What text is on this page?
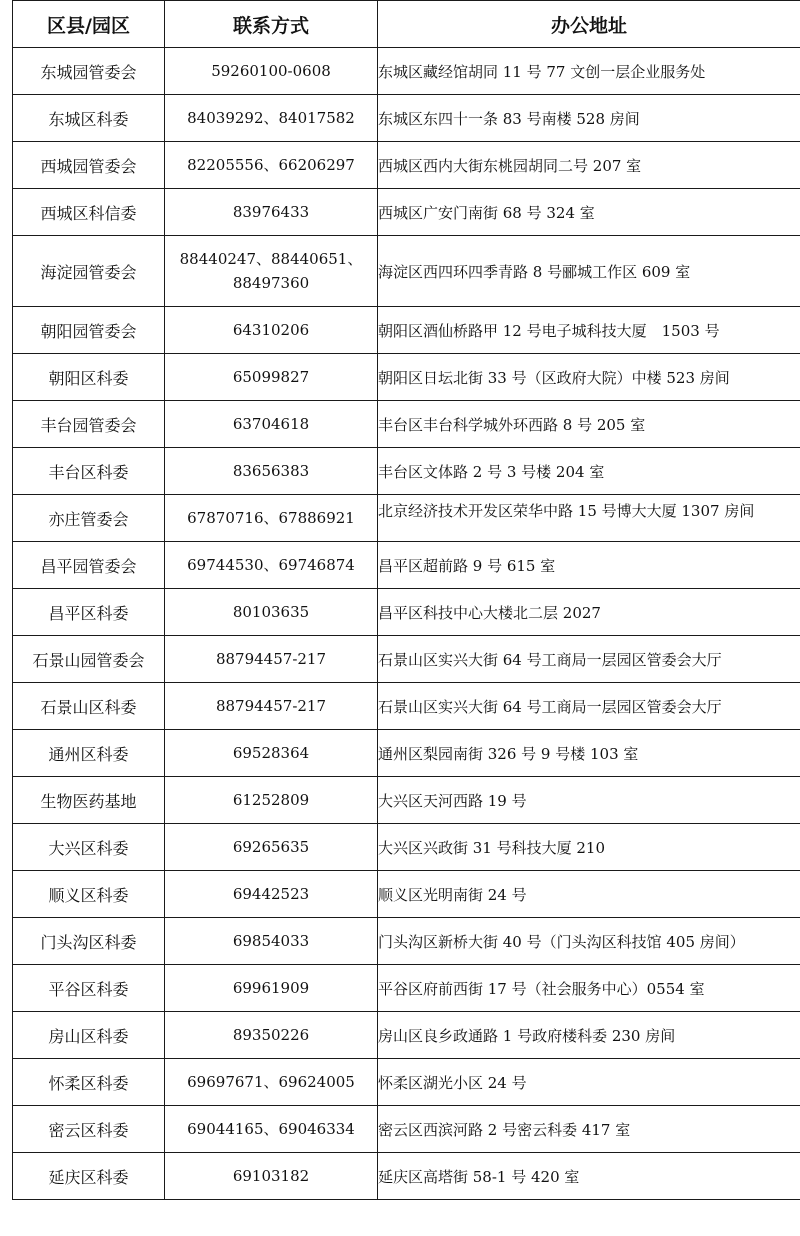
区县/园区	联系方式	办公地址
东城园管委会	59260100-0608	东城区藏经馆胡同 11 号 77 文创一层企业服务处
东城区科委	84039292、84017582	东城区东四十一条 83 号南楼 528 房间
西城园管委会	82205556、66206297	西城区西内大街东桃园胡同二号 207 室
西城区科信委	83976433	西城区广安门南街 68 号 324 室
海淀园管委会	88440247、88440651、88497360	海淀区西四环四季青路 8 号郦城工作区 609 室
朝阳园管委会	64310206	朝阳区酒仙桥路甲 12 号电子城科技大厦　1503 号
朝阳区科委	65099827	朝阳区日坛北街 33 号（区政府大院）中楼 523 房间
丰台园管委会	63704618	丰台区丰台科学城外环西路 8 号 205 室
丰台区科委	83656383	丰台区文体路 2 号 3 号楼 204 室
亦庄管委会	67870716、67886921	北京经济技术开发区荣华中路 15 号博大大厦 1307 房间

昌平园管委会	69744530、69746874	昌平区超前路 9 号 615 室
昌平区科委	80103635	昌平区科技中心大楼北二层 2027
石景山园管委会	88794457-217	石景山区实兴大街 64 号工商局一层园区管委会大厅
石景山区科委	88794457-217	石景山区实兴大街 64 号工商局一层园区管委会大厅
通州区科委	69528364	通州区梨园南街 326 号 9 号楼 103 室
生物医药基地	61252809	大兴区天河西路 19 号
大兴区科委	69265635	大兴区兴政街 31 号科技大厦 210
顺义区科委	69442523	顺义区光明南街 24 号
门头沟区科委	69854033	门头沟区新桥大街 40 号（门头沟区科技馆 405 房间）
平谷区科委	69961909	平谷区府前西街 17 号（社会服务中心）0554 室
房山区科委	89350226	房山区良乡政通路 1 号政府楼科委 230 房间
怀柔区科委	69697671、69624005	怀柔区湖光小区 24 号
密云区科委	69044165、69046334	密云区西滨河路 2 号密云科委 417 室
延庆区科委	69103182	延庆区高塔街 58-1 号 420 室
